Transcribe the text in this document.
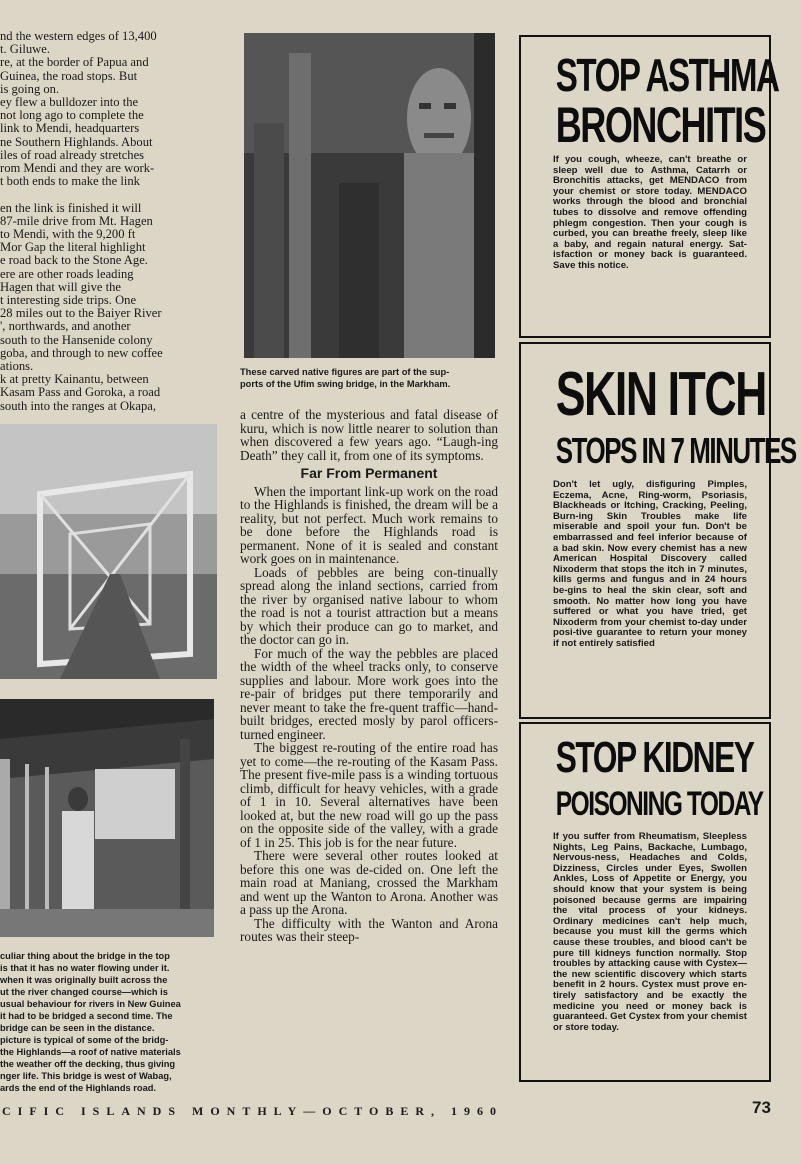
nd the western edges of 13,400

t. Giluwe.

re, at the border of Papua and

Guinea, the road stops. But

is going on.

ey flew a bulldozer into the

not long ago to complete the

link to Mendi, headquarters

ne Southern Highlands. About

iles of road already stretches

rom Mendi and they are work-

t both ends to make the link

en the link is finished it will

87-mile drive from Mt. Hagen

to Mendi, with the 9,200 ft

Mor Gap the literal highlight

e road back to the Stone Age.

ere are other roads leading

Hagen that will give the

t interesting side trips. One

28 miles out to the Baiyer River

', northwards, and another

south to the Hansenide colony

goba, and through to new coffee

ations.

k at pretty Kainantu, between

Kasam Pass and Goroka, a road

south into the ranges at Okapa,

These carved native figures are part of the sup-

ports of the Ufim swing bridge, in the Markham.

culiar thing about the bridge in the top

is that it has no water flowing under it.

when it was originally built across the

ut the river changed course—which is

usual behaviour for rivers in New Guinea

it had to be bridged a second time. The

bridge can be seen in the distance.

picture is typical of some of the bridg-

the Highlands—a roof of native materials

the weather off the decking, thus giving

nger life. This bridge is west of Wabag,

ards the end of the Highlands road.

a centre of the mysterious and fatal disease of kuru, which is now little nearer to solution than when discovered a few years ago. “Laugh-ing Death” they call it, from one of its symptoms.

Far From Permanent

When the important link-up work on the road to the Highlands is finished, the dream will be a reality, but not perfect. Much work remains to be done before the Highlands road is permanent. None of it is sealed and constant work goes on in maintenance.

Loads of pebbles are being con-tinually spread along the inland sections, carried from the river by organised native labour to whom the road is not a tourist attraction but a means by which their produce can go to market, and the doctor can go in.

For much of the way the pebbles are placed the width of the wheel tracks only, to conserve supplies and labour. More work goes into the re-pair of bridges put there temporarily and never meant to take the fre-quent traffic—hand-built bridges, erected mosly by parol officers-turned engineer.

The biggest re-routing of the entire road has yet to come—the re-routing of the Kasam Pass. The present five-mile pass is a winding tortuous climb, difficult for heavy vehicles, with a grade of 1 in 10. Several alternatives have been looked at, but the new road will go up the pass on the opposite side of the valley, with a grade of 1 in 25. This job is for the near future.

There were several other routes looked at before this one was de-cided on. One left the main road at Maniang, crossed the Markham and went up the Wanton to Arona. Another was a pass up the Arona.

The difficulty with the Wanton and Arona routes was their steep-

STOP ASTHMA
BRONCHITIS
If you cough, wheeze, can't breathe or sleep well due to Asthma, Catarrh or Bronchitis attacks, get MENDACO from your chemist or store today. MENDACO works through the blood and bronchial tubes to dissolve and remove offending phlegm congestion. Then your cough is curbed, you can breathe freely, sleep like a baby, and regain natural energy. Sat-isfaction or money back is guaranteed. Save this notice.
SKIN ITCH
STOPS IN 7 MINUTES
Don't let ugly, disfiguring Pimples, Eczema, Acne, Ring-worm, Psoriasis, Blackheads or Itching, Cracking, Peeling, Burn-ing Skin Troubles make life miserable and spoil your fun. Don't be embarrassed and feel inferior because of a bad skin. Now every chemist has a new American Hospital Discovery called Nixoderm that stops the itch in 7 minutes, kills germs and fungus and in 24 hours be-gins to heal the skin clear, soft and smooth. No matter how long you have suffered or what you have tried, get Nixoderm from your chemist to-day under posi-tive guarantee to return your money if not entirely satisfied
STOP KIDNEY
POISONING TODAY
If you suffer from Rheumatism, Sleepless Nights, Leg Pains, Backache, Lumbago, Nervous-ness, Headaches and Colds, Dizziness, Circles under Eyes, Swollen Ankles, Loss of Appetite or Energy, you should know that your system is being poisoned because germs are impairing the vital process of your kidneys. Ordinary medicines can't help much, because you must kill the germs which cause these troubles, and blood can't be pure till kidneys function normally. Stop troubles by attacking cause with Cystex—the new scientific discovery which starts benefit in 2 hours. Cystex must prove en-tirely satisfactory and be exactly the medicine you need or money back is guaranteed. Get Cystex from your chemist or store today.
CIFIC ISLANDS MONTHLY—OCTOBER, 1960	73
